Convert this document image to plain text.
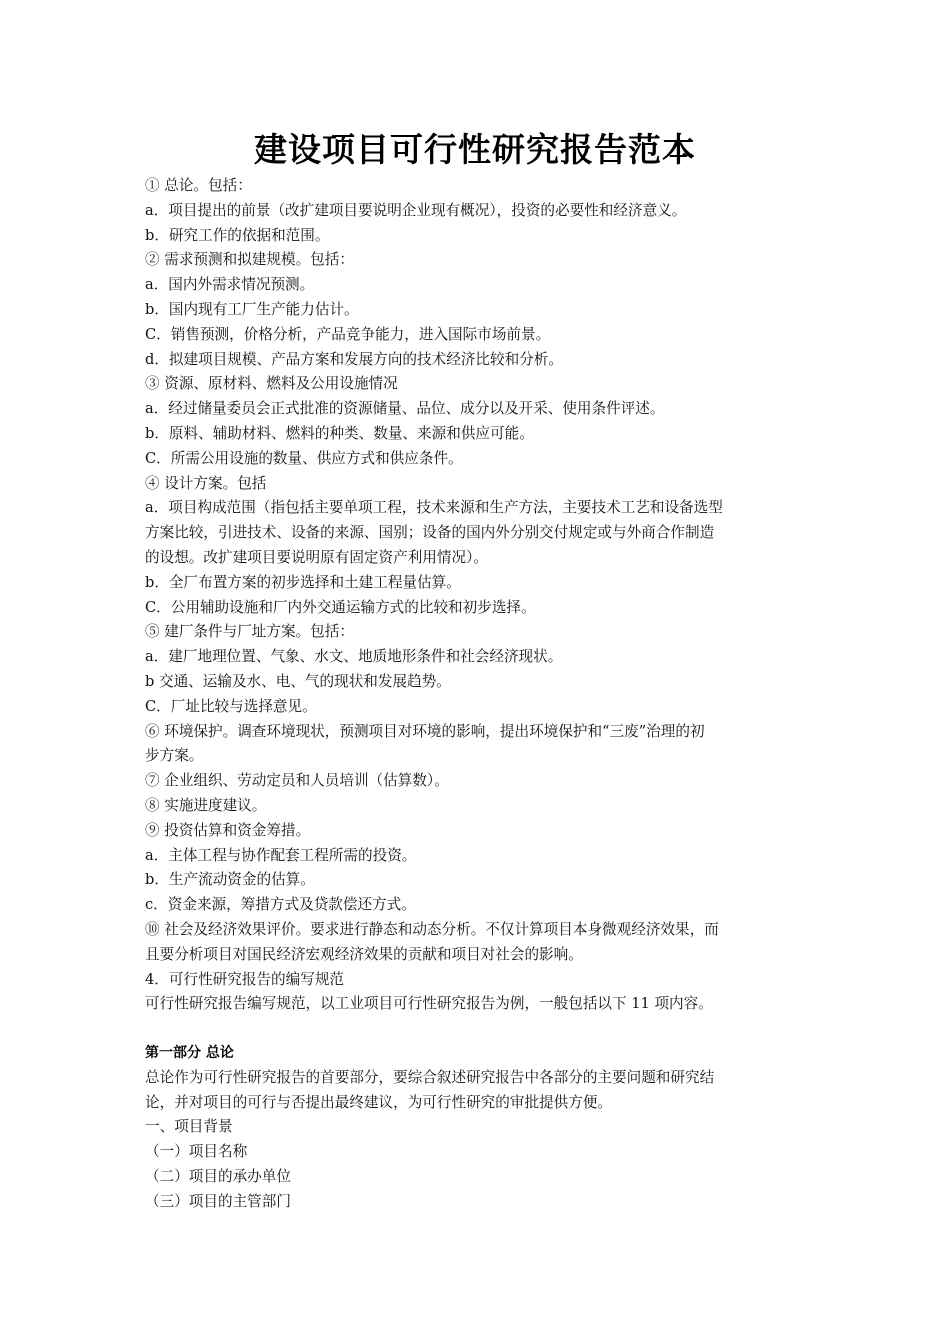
建设项目可行性研究报告范本
① 总论。包括：
a．项目提出的前景（改扩建项目要说明企业现有概况），投资的必要性和经济意义。
b．研究工作的依据和范围。
② 需求预测和拟建规模。包括：
a．国内外需求情况预测。
b．国内现有工厂生产能力估计。
C．销售预测，价格分析，产品竞争能力，进入国际市场前景。
d．拟建项目规模、产品方案和发展方向的技术经济比较和分析。
③ 资源、原材料、燃料及公用设施情况
a．经过储量委员会正式批准的资源储量、品位、成分以及开采、使用条件评述。
b．原料、辅助材料、燃料的种类、数量、来源和供应可能。
C．所需公用设施的数量、供应方式和供应条件。
④ 设计方案。包括
a．项目构成范围（指包括主要单项工程，技术来源和生产方法，主要技术工艺和设备选型
方案比较，引进技术、设备的来源、国别；设备的国内外分别交付规定或与外商合作制造
的设想。改扩建项目要说明原有固定资产利用情况）。
b．全厂布置方案的初步选择和土建工程量估算。
C．公用辅助设施和厂内外交通运输方式的比较和初步选择。
⑤ 建厂条件与厂址方案。包括：
a．建厂地理位置、气象、水文、地质地形条件和社会经济现状。
b 交通、运输及水、电、气的现状和发展趋势。
C．厂址比较与选择意见。
⑥ 环境保护。调查环境现状，预测项目对环境的影响，提出环境保护和“三废”治理的初
步方案。
⑦ 企业组织、劳动定员和人员培训（估算数）。
⑧ 实施进度建议。
⑨ 投资估算和资金筹措。
a．主体工程与协作配套工程所需的投资。
b．生产流动资金的估算。
c．资金来源，筹措方式及贷款偿还方式。
⑩ 社会及经济效果评价。要求进行静态和动态分析。不仅计算项目本身微观经济效果，而
且要分析项目对国民经济宏观经济效果的贡献和项目对社会的影响。
4．可行性研究报告的编写规范
可行性研究报告编写规范，以工业项目可行性研究报告为例，一般包括以下 11 项内容。
第一部分 总论
总论作为可行性研究报告的首要部分，要综合叙述研究报告中各部分的主要问题和研究结
论，并对项目的可行与否提出最终建议，为可行性研究的审批提供方便。
一、项目背景
（一）项目名称
（二）项目的承办单位
（三）项目的主管部门
